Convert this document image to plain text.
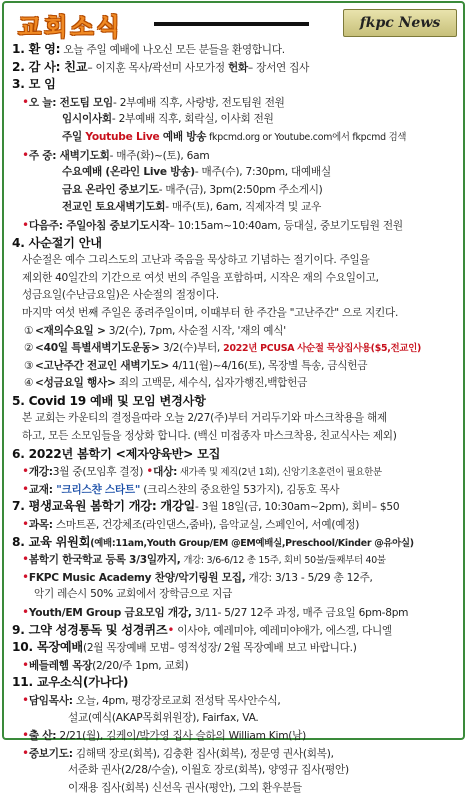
교회소식	fkpc News
1. 환 영: 오늘 주일 예배에 나오신 모든 분들을 환영합니다.
2. 감 사: 친교– 이지훈 목사/곽선미 사모가정 헌화– 장서연 집사
3. 모 임
•오 늘: 전도팀 모임- 2부예배 직후, 사랑방, 전도팀원 전원
임시이사회- 2부예배 직후, 회락실, 이사회 전원
주일 Youtube Live 예배 방송 fkpcmd.org or Youtube.com에서 fkpcmd 검색
•주 중: 새벽기도회- 매주(화)~(토), 6am
수요예배 (온라인 Live 방송)- 매주(수), 7:30pm, 대예배실
금요 온라인 중보기도- 매주(금), 3pm(2:50pm 주소게시)
전교인 토요새벽기도회- 매주(토), 6am, 직제자격 및 교우
•다음주: 주일아침 중보기도시작– 10:15am~10:40am, 등대실, 중보기도팀원 전원
4. 사순절기 안내
사순절은 예수 그리스도의 고난과 죽음을 묵상하고 기념하는 절기이다. 주일을
제외한 40일간의 기간으로 여섯 번의 주일을 포함하며, 시작은 재의 수요일이고,
성금요일(수난금요일)은 사순절의 절정이다.
마지막 여섯 번째 주일은 종려주일이며, 이때부터 한 주간을 "고난주간" 으로 지킨다.
① <재의수요일 > 3/2(수), 7pm, 사순절 시작, '재의 예식'
② <40일 특별새벽기도운동> 3/2(수)부터, 2022년 PCUSA 사순절 묵상집사용($5,전교인)
③ <고난주간 전교인 새벽기도> 4/11(월)~4/16(토), 목장별 특송, 금식헌금
④ <성금요일 행사> 죄의 고백문, 세수식, 십자가행진,백합헌금
5. Covid 19 예배 및 모임 변경사항
본 교회는 카운티의 결정을따라 오늘 2/27(주)부터 거리두기와 마스크착용을 해제
하고, 모든 소모임들을 정상화 합니다. (백신 미접종자 마스크착용, 친교식사는 제외)
6. 2022년 봄학기 <제자양육반> 모집
•개강:3월 중(모임후 결정) •대상: 새가족 및 제직(2년 1회), 신앙기초훈련이 필요한분
•교재: "크리스챤 스타트" (크리스챤의 중요한일 53가지), 김동호 목사
7. 평생교육원 봄학기 개강: 개강일- 3월 18일(금, 10:30am~2pm), 회비– $50
•과목: 스마트폰, 건강체조(라인댄스,줌바), 음악교실, 스페인어, 서예(예정)
8. 교육 위원회(예배:11am,Youth Group/EM @EM예배실,Preschool/Kinder @유아실)
•봄학기 한국학교 등록 3/3일까지, 개강: 3/6-6/12 총 15주, 회비 50불/둘째부터 40불
•FKPC Music Academy 찬양/악기링원 모집, 개강: 3/13 - 5/29 총 12주,
악기 레슨시 50% 교회에서 장학금으로 지급
•Youth/EM Group 금요모임 개강, 3/11- 5/27 12주 과정, 매주 금요일 6pm-8pm
9. 그약 성경통독 및 성경퀴즈• 이사야, 예레미야, 예레미야애가, 에스겔, 다니엘
10. 목장예배(2월 목장예배 모범– 영적성장/ 2월 목장예배 보고 바랍니다.)
•베들레헴 목장(2/20/주 1pm, 교회)
11. 교우소식(가나다)
•담임목사: 오늘, 4pm, 평강장로교회 전성탁 목사안수식,
설교(예식(AKAP목회위원장), Fairfax, VA.
•출 산: 2/21(월), 김케이/박가영 집사 슬하의 William Kim(남)
•중보기도: 김해택 장로(회복), 김충환 집사(회복), 정문영 권사(회복),
서준화 권사(2/28/수술), 이월호 장로(회복), 양영규 집사(평안)
이재용 집사(회복) 신선옥 권사(평안), 그외 환우분들
